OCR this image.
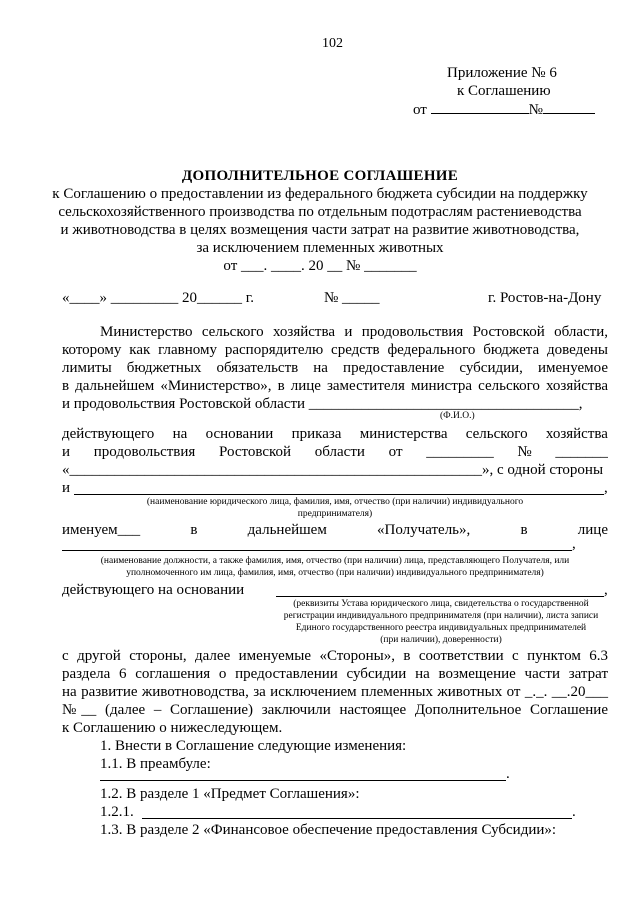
102
Приложение № 6
к Соглашению
от	№
ДОПОЛНИТЕЛЬНОЕ СОГЛАШЕНИЕ
к Соглашению о предоставлении из федерального бюджета субсидии на поддержку
сельскохозяйственного производства по отдельным подотраслям растениеводства
и животноводства в целях возмещения части затрат на развитие животноводства,
за исключением племенных животных
от ___. ____. 20 __ № _______
«____» _________ 20______ г.	№ _____	г. Ростов-на-Дону
Министерство сельского хозяйства и продовольствия Ростовской области,
которому как главному распорядителю средств федерального бюджета доведены
лимиты бюджетных обязательств на предоставление субсидии, именуемое
в дальнейшем «Министерство», в лице заместителя министра сельского хозяйства
и продовольствия Ростовской области ____________________________________,
(Ф.И.О.)
действующего на основании приказа министерства сельского хозяйства
и продовольствия Ростовской области от _________ № _______
«_______________________________________________________», с одной стороны
и	,
(наименование юридического лица, фамилия, имя, отчество (при наличии) индивидуального
предпринимателя)
именуем___	в	дальнейшем	«Получатель»,	в	лице
,
(наименование должности, а также фамилия, имя, отчество (при наличии) лица, представляющего Получателя, или
уполномоченного им лица, фамилия, имя, отчество (при наличии) индивидуального предпринимателя)
действующего на основании	,
(реквизиты Устава юридического лица, свидетельства о государственной
регистрации индивидуального предпринимателя (при наличии), листа записи
Единого государственного реестра индивидуальных предпринимателей
(при наличии), доверенности)
с другой стороны, далее именуемые «Стороны», в соответствии с пунктом 6.3
раздела 6 соглашения о предоставлении субсидии на возмещение части затрат
на развитие животноводства, за исключением племенных животных от _._. __.20___
№__ (далее – Соглашение) заключили настоящее Дополнительное Соглашение
к Соглашению о нижеследующем.
1. Внести в Соглашение следующие изменения:
1.1. В преамбуле:
.
1.2. В разделе 1 «Предмет Соглашения»:
1.2.1.	.
1.3. В разделе 2 «Финансовое обеспечение предоставления Субсидии»:
